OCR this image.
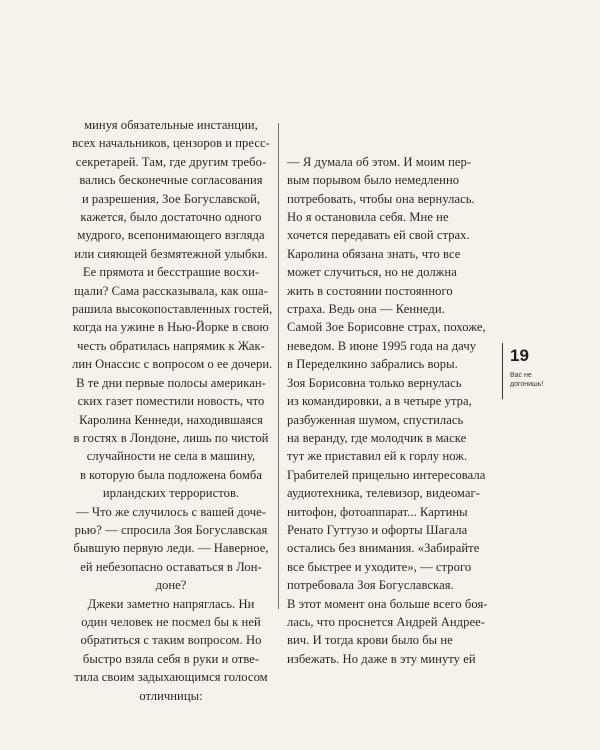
минуя обязательные инстанции,
всех начальников, цензоров и пресс-
секретарей. Там, где другим требо-
вались бесконечные согласования
и разрешения, Зое Богуславской,
кажется, было достаточно одного
мудрого, всепонимающего взгляда
или сияющей безмятежной улыбки.
Ее прямота и бесстрашие восхи-
щали? Сама рассказывала, как оша-
рашила высокопоставленных гостей,
когда на ужине в Нью-Йорке в свою
честь обратилась напрямик к Жак-
лин Онассис с вопросом о ее дочери.
В те дни первые полосы американ-
ских газет поместили новость, что
Каролина Кеннеди, находившаяся
в гостях в Лондоне, лишь по чистой
случайности не села в машину,
в которую была подложена бомба
ирландских террористов.
— Что же случилось с вашей доче-
рью? — спросила Зоя Богуславская
бывшую первую леди. — Наверное,
ей небезопасно оставаться в Лон-
доне?
Джеки заметно напряглась. Ни
один человек не посмел бы к ней
обратиться с таким вопросом. Но
быстро взяла себя в руки и отве-
тила своим задыхающимся голосом
отличницы:

— Я думала об этом. И моим пер-
вым порывом было немедленно
потребовать, чтобы она вернулась.
Но я остановила себя. Мне не
хочется передавать ей свой страх.
Каролина обязана знать, что все
может случиться, но не должна
жить в состоянии постоянного
страха. Ведь она — Кеннеди.
Самой Зое Борисовне страх, похоже,
неведом. В июне 1995 года на дачу
в Переделкино забрались воры.
Зоя Борисовна только вернулась
из командировки, а в четыре утра,
разбуженная шумом, спустилась
на веранду, где молодчик в маске
тут же приставил ей к горлу нож.
Грабителей прицельно интересовала
аудиотехника, телевизор, видеомаг-
нитофон, фотоаппарат... Картины
Ренато Гуттузо и офорты Шагала
остались без внимания. «Забирайте
все быстрее и уходите», — строго
потребовала Зоя Богуславская.
В этот момент она больше всего боя-
лась, что проснется Андрей Андрее-
вич. И тогда крови было бы не
избежать. Но даже в эту минуту ей
19
Вас не
догонишь!
